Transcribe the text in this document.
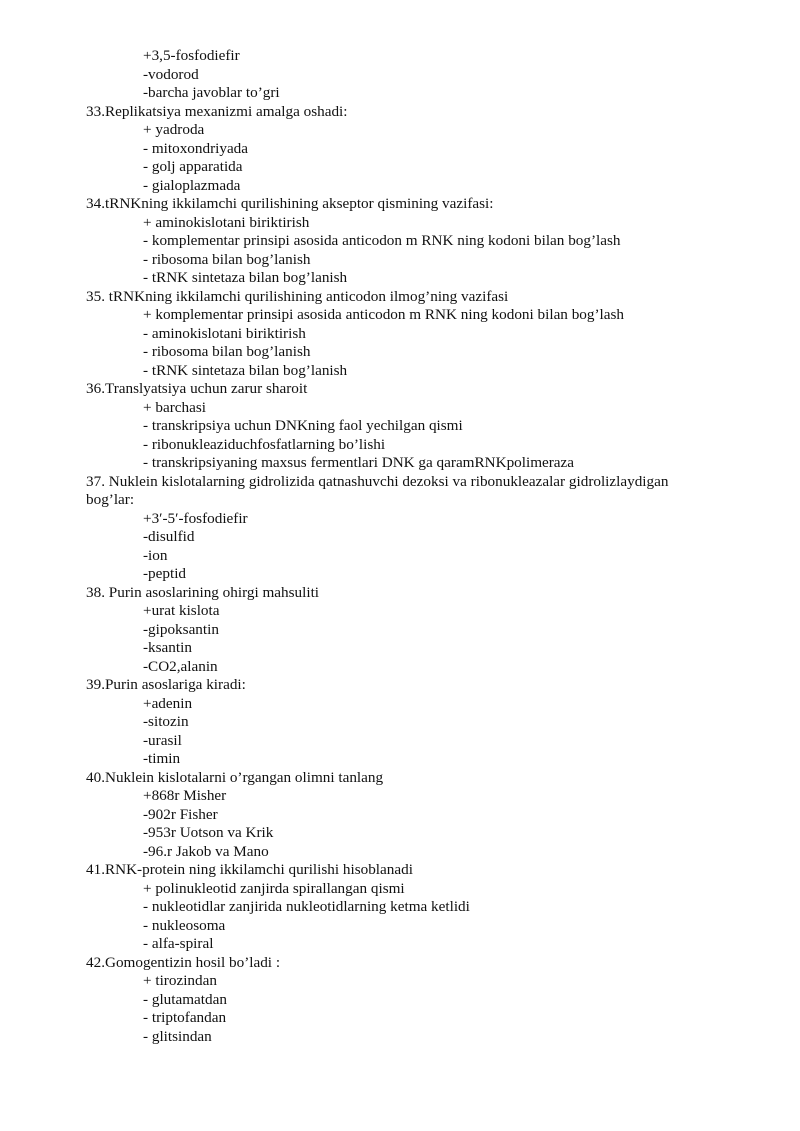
+3,5-fosfodiefir
-vodorod
-barcha javoblar to’gri
33.Replikatsiya mexanizmi amalga oshadi:
+ yadroda
- mitoxondriyada
- golj apparatida
- gialoplazmada
34.tRNKning ikkilamchi qurilishining akseptor qismining vazifasi:
+ aminokislotani biriktirish
- komplementar prinsipi asosida anticodon m RNK ning kodoni bilan bog’lash
- ribosoma bilan bog’lanish
- tRNK sintetaza bilan bog’lanish
35. tRNKning ikkilamchi qurilishining anticodon ilmog’ning vazifasi
+ komplementar prinsipi asosida anticodon m RNK ning kodoni bilan bog’lash
- aminokislotani biriktirish
- ribosoma bilan bog’lanish
- tRNK sintetaza bilan bog’lanish
36.Translyatsiya uchun zarur sharoit
+ barchasi
- transkripsiya uchun DNKning faol yechilgan qismi
- ribonukleaziduchfosfatlarning bo’lishi
- transkripsiyaning maxsus fermentlari DNK ga qaramRNKpolimeraza
37. Nuklein kislotalarning gidrolizida qatnashuvchi dezoksi va ribonukleazalar gidrolizlaydigan bog’lar:
+3′-5′-fosfodiefir
-disulfid
-ion
-peptid
38. Purin asoslarining ohirgi mahsuliti
+urat kislota
-gipoksantin
-ksantin
-CO2,alanin
39.Purin asoslariga kiradi:
+adenin
-sitozin
-urasil
-timin
40.Nuklein kislotalarni o’rgangan olimni tanlang
+868r Misher
-902r Fisher
-953r Uotson va Krik
-96.r Jakob va Mano
41.RNK-protein ning ikkilamchi qurilishi hisoblanadi
+ polinukleotid zanjirda spirallangan qismi
- nukleotidlar zanjirida nukleotidlarning ketma ketlidi
- nukleosoma
- alfa-spiral
42.Gomogentizin hosil bo’ladi :
+ tirozindan
- glutamatdan
- triptofandan
- glitsindan
